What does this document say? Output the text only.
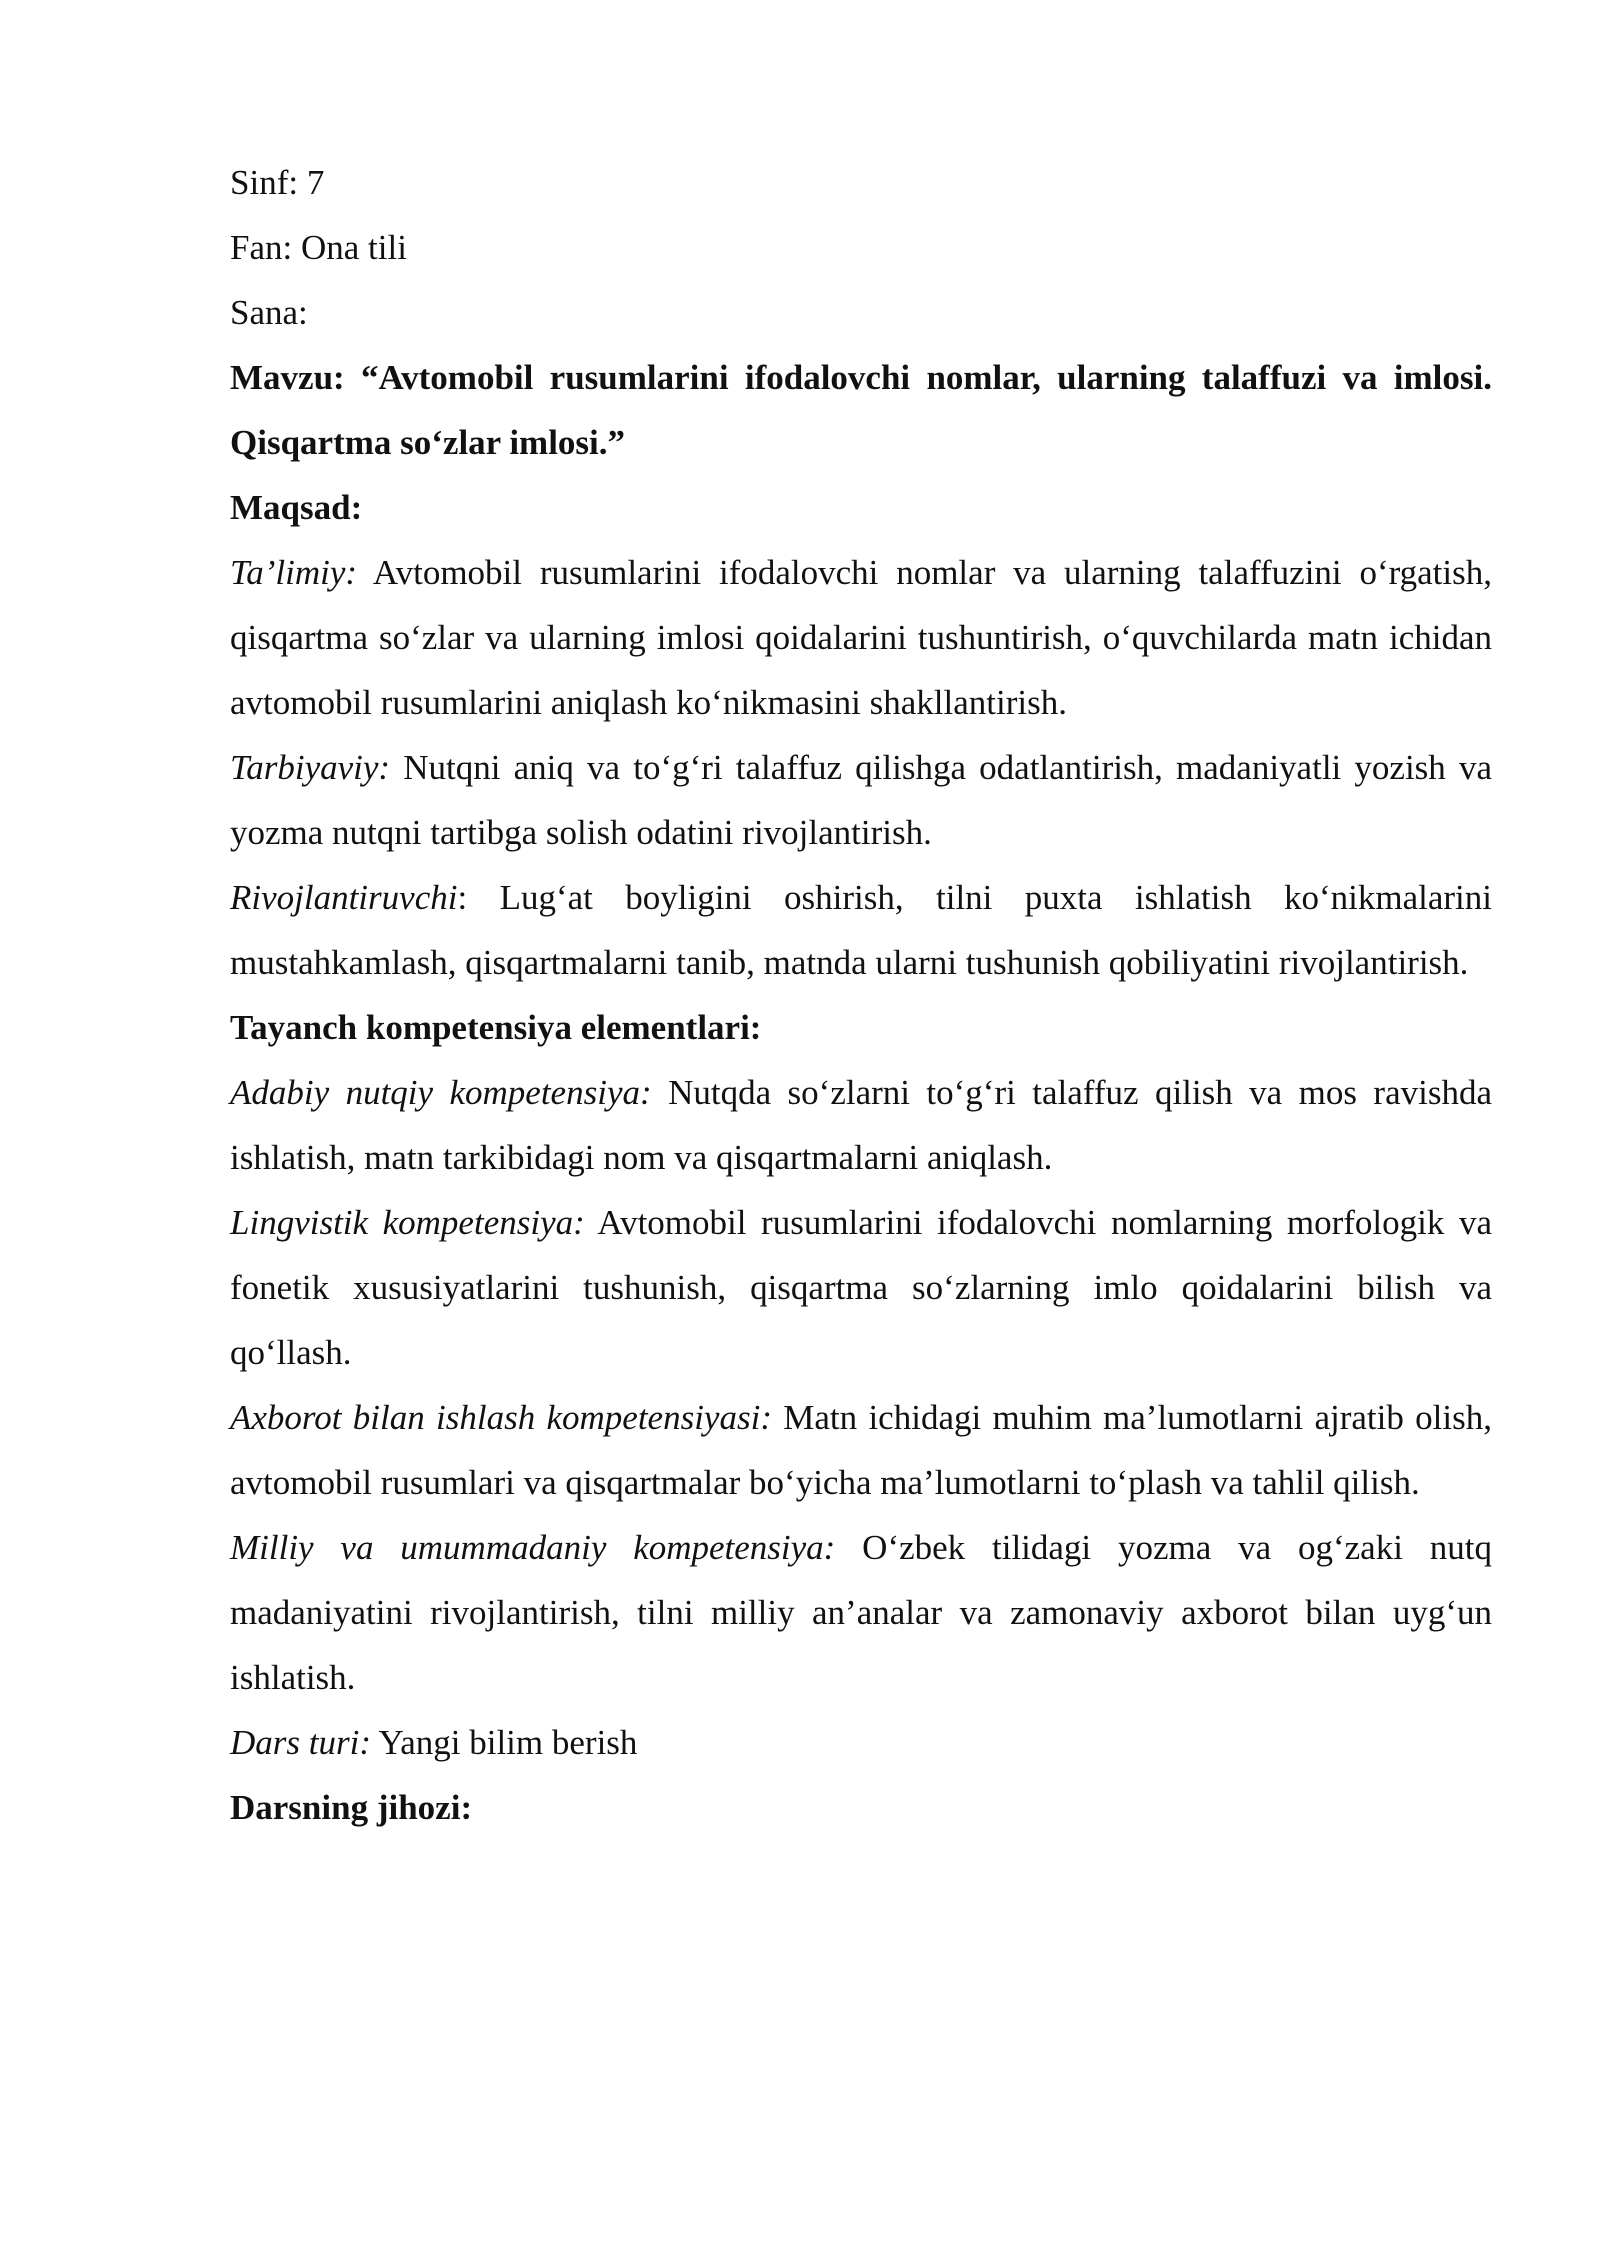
Sinf: 7

Fan: Ona tili

Sana:

Mavzu: “Avtomobil rusumlarini ifodalovchi nomlar, ularning talaffuzi va imlosi. Qisqartma so‘zlar imlosi.”

Maqsad:

Ta’limiy: Avtomobil rusumlarini ifodalovchi nomlar va ularning talaffuzini o‘rgatish, qisqartma so‘zlar va ularning imlosi qoidalarini tushuntirish, o‘quvchilarda matn ichidan avtomobil rusumlarini aniqlash ko‘nikmasini shakllantirish.

Tarbiyaviy: Nutqni aniq va to‘g‘ri talaffuz qilishga odatlantirish, madaniyatli yozish va yozma nutqni tartibga solish odatini rivojlantirish.

Rivojlantiruvchi: Lug‘at boyligini oshirish, tilni puxta ishlatish ko‘nikmalarini mustahkamlash, qisqartmalarni tanib, matnda ularni tushunish qobiliyatini rivojlantirish.

Tayanch kompetensiya elementlari:

Adabiy nutqiy kompetensiya: Nutqda so‘zlarni to‘g‘ri talaffuz qilish va mos ravishda ishlatish, matn tarkibidagi nom va qisqartmalarni aniqlash.

Lingvistik kompetensiya: Avtomobil rusumlarini ifodalovchi nomlarning morfologik va fonetik xususiyatlarini tushunish, qisqartma so‘zlarning imlo qoidalarini bilish va qo‘llash.

Axborot bilan ishlash kompetensiyasi: Matn ichidagi muhim ma’lumotlarni ajratib olish, avtomobil rusumlari va qisqartmalar bo‘yicha ma’lumotlarni to‘plash va tahlil qilish.

Milliy va umummadaniy kompetensiya: O‘zbek tilidagi yozma va og‘zaki nutq madaniyatini rivojlantirish, tilni milliy an’analar va zamonaviy axborot bilan uyg‘un ishlatish.

Dars turi: Yangi bilim berish

Darsning jihozi:
